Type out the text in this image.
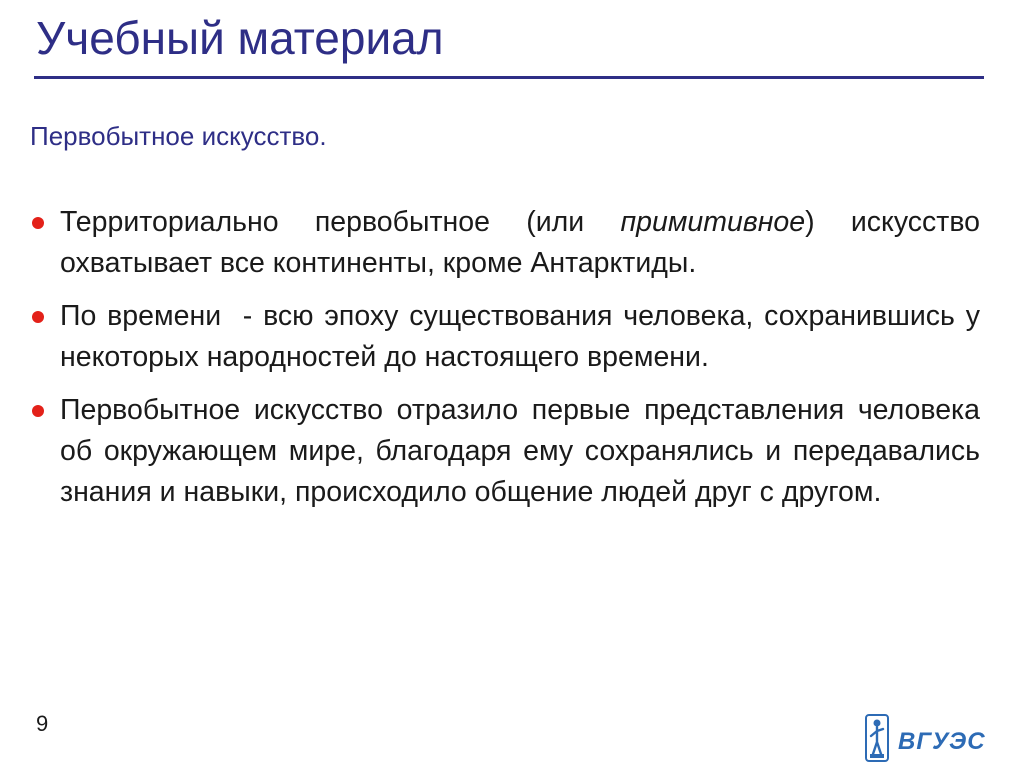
Учебный материал

Первобытное искусство.

Территориально первобытное (или примитивное) искусство охватывает все континенты, кроме Антарктиды.
По времени  - всю эпоху существования человека, сохранившись у некоторых народностей до настоящего времени.
Первобытное искусство отразило первые представления человека об окружающем мире, благодаря ему сохранялись и передавались знания и навыки, происходило общение людей друг с другом.
9
ВГУЭС
